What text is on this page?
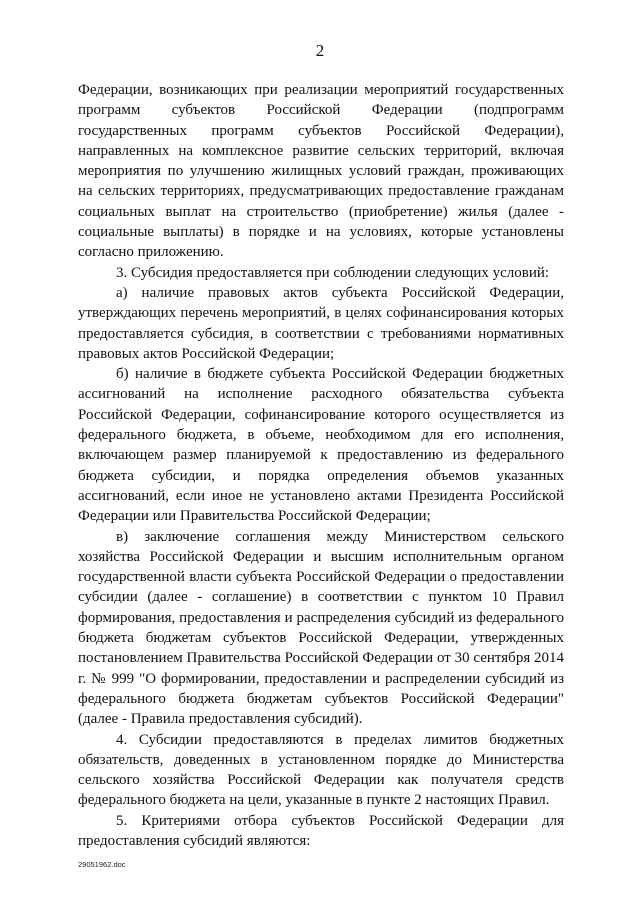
2

Федерации, возникающих при реализации мероприятий государственных программ субъектов Российской Федерации (подпрограмм государственных программ субъектов Российской Федерации), направленных на комплексное развитие сельских территорий, включая мероприятия по улучшению жилищных условий граждан, проживающих на сельских территориях, предусматривающих предоставление гражданам социальных выплат на строительство (приобретение) жилья (далее - социальные выплаты) в порядке и на условиях, которые установлены согласно приложению.

3. Субсидия предоставляется при соблюдении следующих условий:

а) наличие правовых актов субъекта Российской Федерации, утверждающих перечень мероприятий, в целях софинансирования которых предоставляется субсидия, в соответствии с требованиями нормативных правовых актов Российской Федерации;

б) наличие в бюджете субъекта Российской Федерации бюджетных ассигнований на исполнение расходного обязательства субъекта Российской Федерации, софинансирование которого осуществляется из федерального бюджета, в объеме, необходимом для его исполнения, включающем размер планируемой к предоставлению из федерального бюджета субсидии, и порядка определения объемов указанных ассигнований, если иное не установлено актами Президента Российской Федерации или Правительства Российской Федерации;

в) заключение соглашения между Министерством сельского хозяйства Российской Федерации и высшим исполнительным органом государственной власти субъекта Российской Федерации о предоставлении субсидии (далее - соглашение) в соответствии с пунктом 10 Правил формирования, предоставления и распределения субсидий из федерального бюджета бюджетам субъектов Российской Федерации, утвержденных постановлением Правительства Российской Федерации от 30 сентября 2014 г. № 999 "О формировании, предоставлении и распределении субсидий из федерального бюджета бюджетам субъектов Российской Федерации" (далее - Правила предоставления субсидий).

4. Субсидии предоставляются в пределах лимитов бюджетных обязательств, доведенных в установленном порядке до Министерства сельского хозяйства Российской Федерации как получателя средств федерального бюджета на цели, указанные в пункте 2 настоящих Правил.

5. Критериями отбора субъектов Российской Федерации для предоставления субсидий являются:

29051962.doc
